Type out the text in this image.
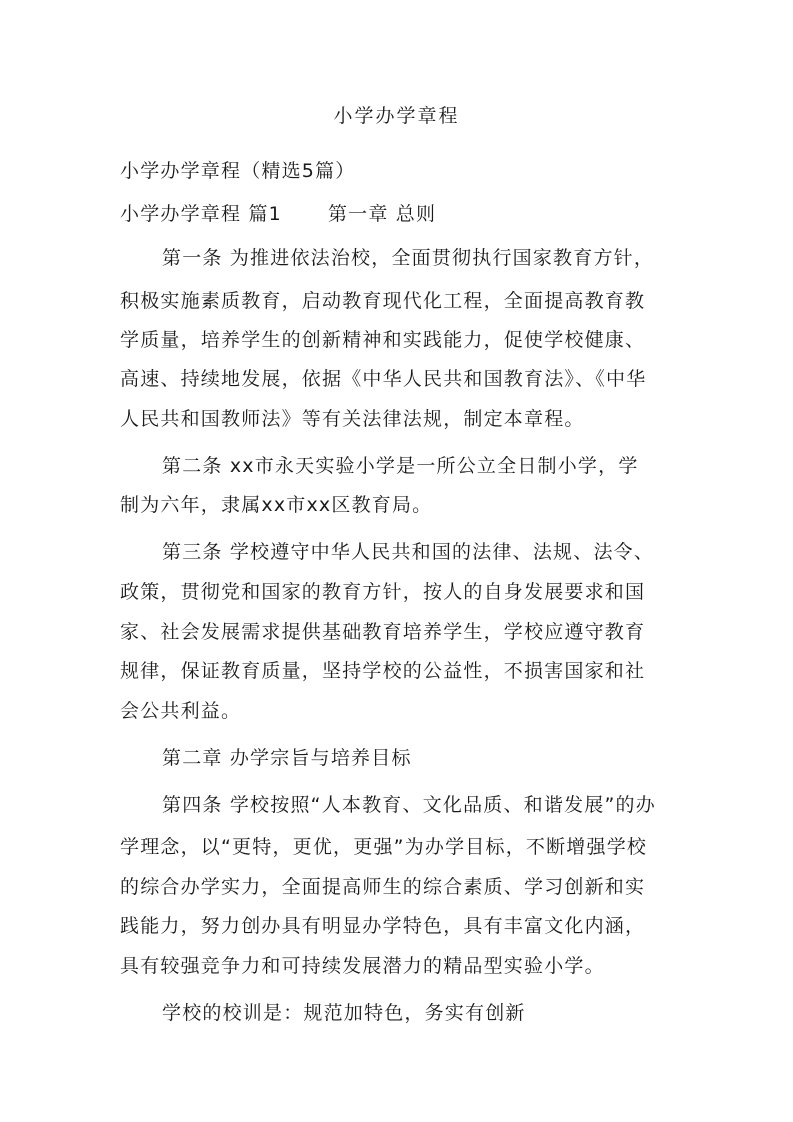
小学办学章程
小学办学章程（精选5篇）
小学办学章程 篇1 第一章 总则
第一条 为推进依法治校，全面贯彻执行国家教育方针，
积极实施素质教育，启动教育现代化工程，全面提高教育教
学质量，培养学生的创新精神和实践能力，促使学校健康、
高速、持续地发展，依据《中华人民共和国教育法》、《中华
人民共和国教师法》等有关法律法规，制定本章程。
第二条 xx市永天实验小学是一所公立全日制小学，学
制为六年，隶属xx市xx区教育局。
第三条 学校遵守中华人民共和国的法律、法规、法令、
政策，贯彻党和国家的教育方针，按人的自身发展要求和国
家、社会发展需求提供基础教育培养学生，学校应遵守教育
规律，保证教育质量，坚持学校的公益性，不损害国家和社
会公共利益。
第二章 办学宗旨与培养目标
第四条 学校按照“人本教育、文化品质、和谐发展”的办
学理念，以“更特，更优，更强”为办学目标，不断增强学校
的综合办学实力，全面提高师生的综合素质、学习创新和实
践能力，努力创办具有明显办学特色，具有丰富文化内涵，
具有较强竞争力和可持续发展潜力的精品型实验小学。
学校的校训是：规范加特色，务实有创新
